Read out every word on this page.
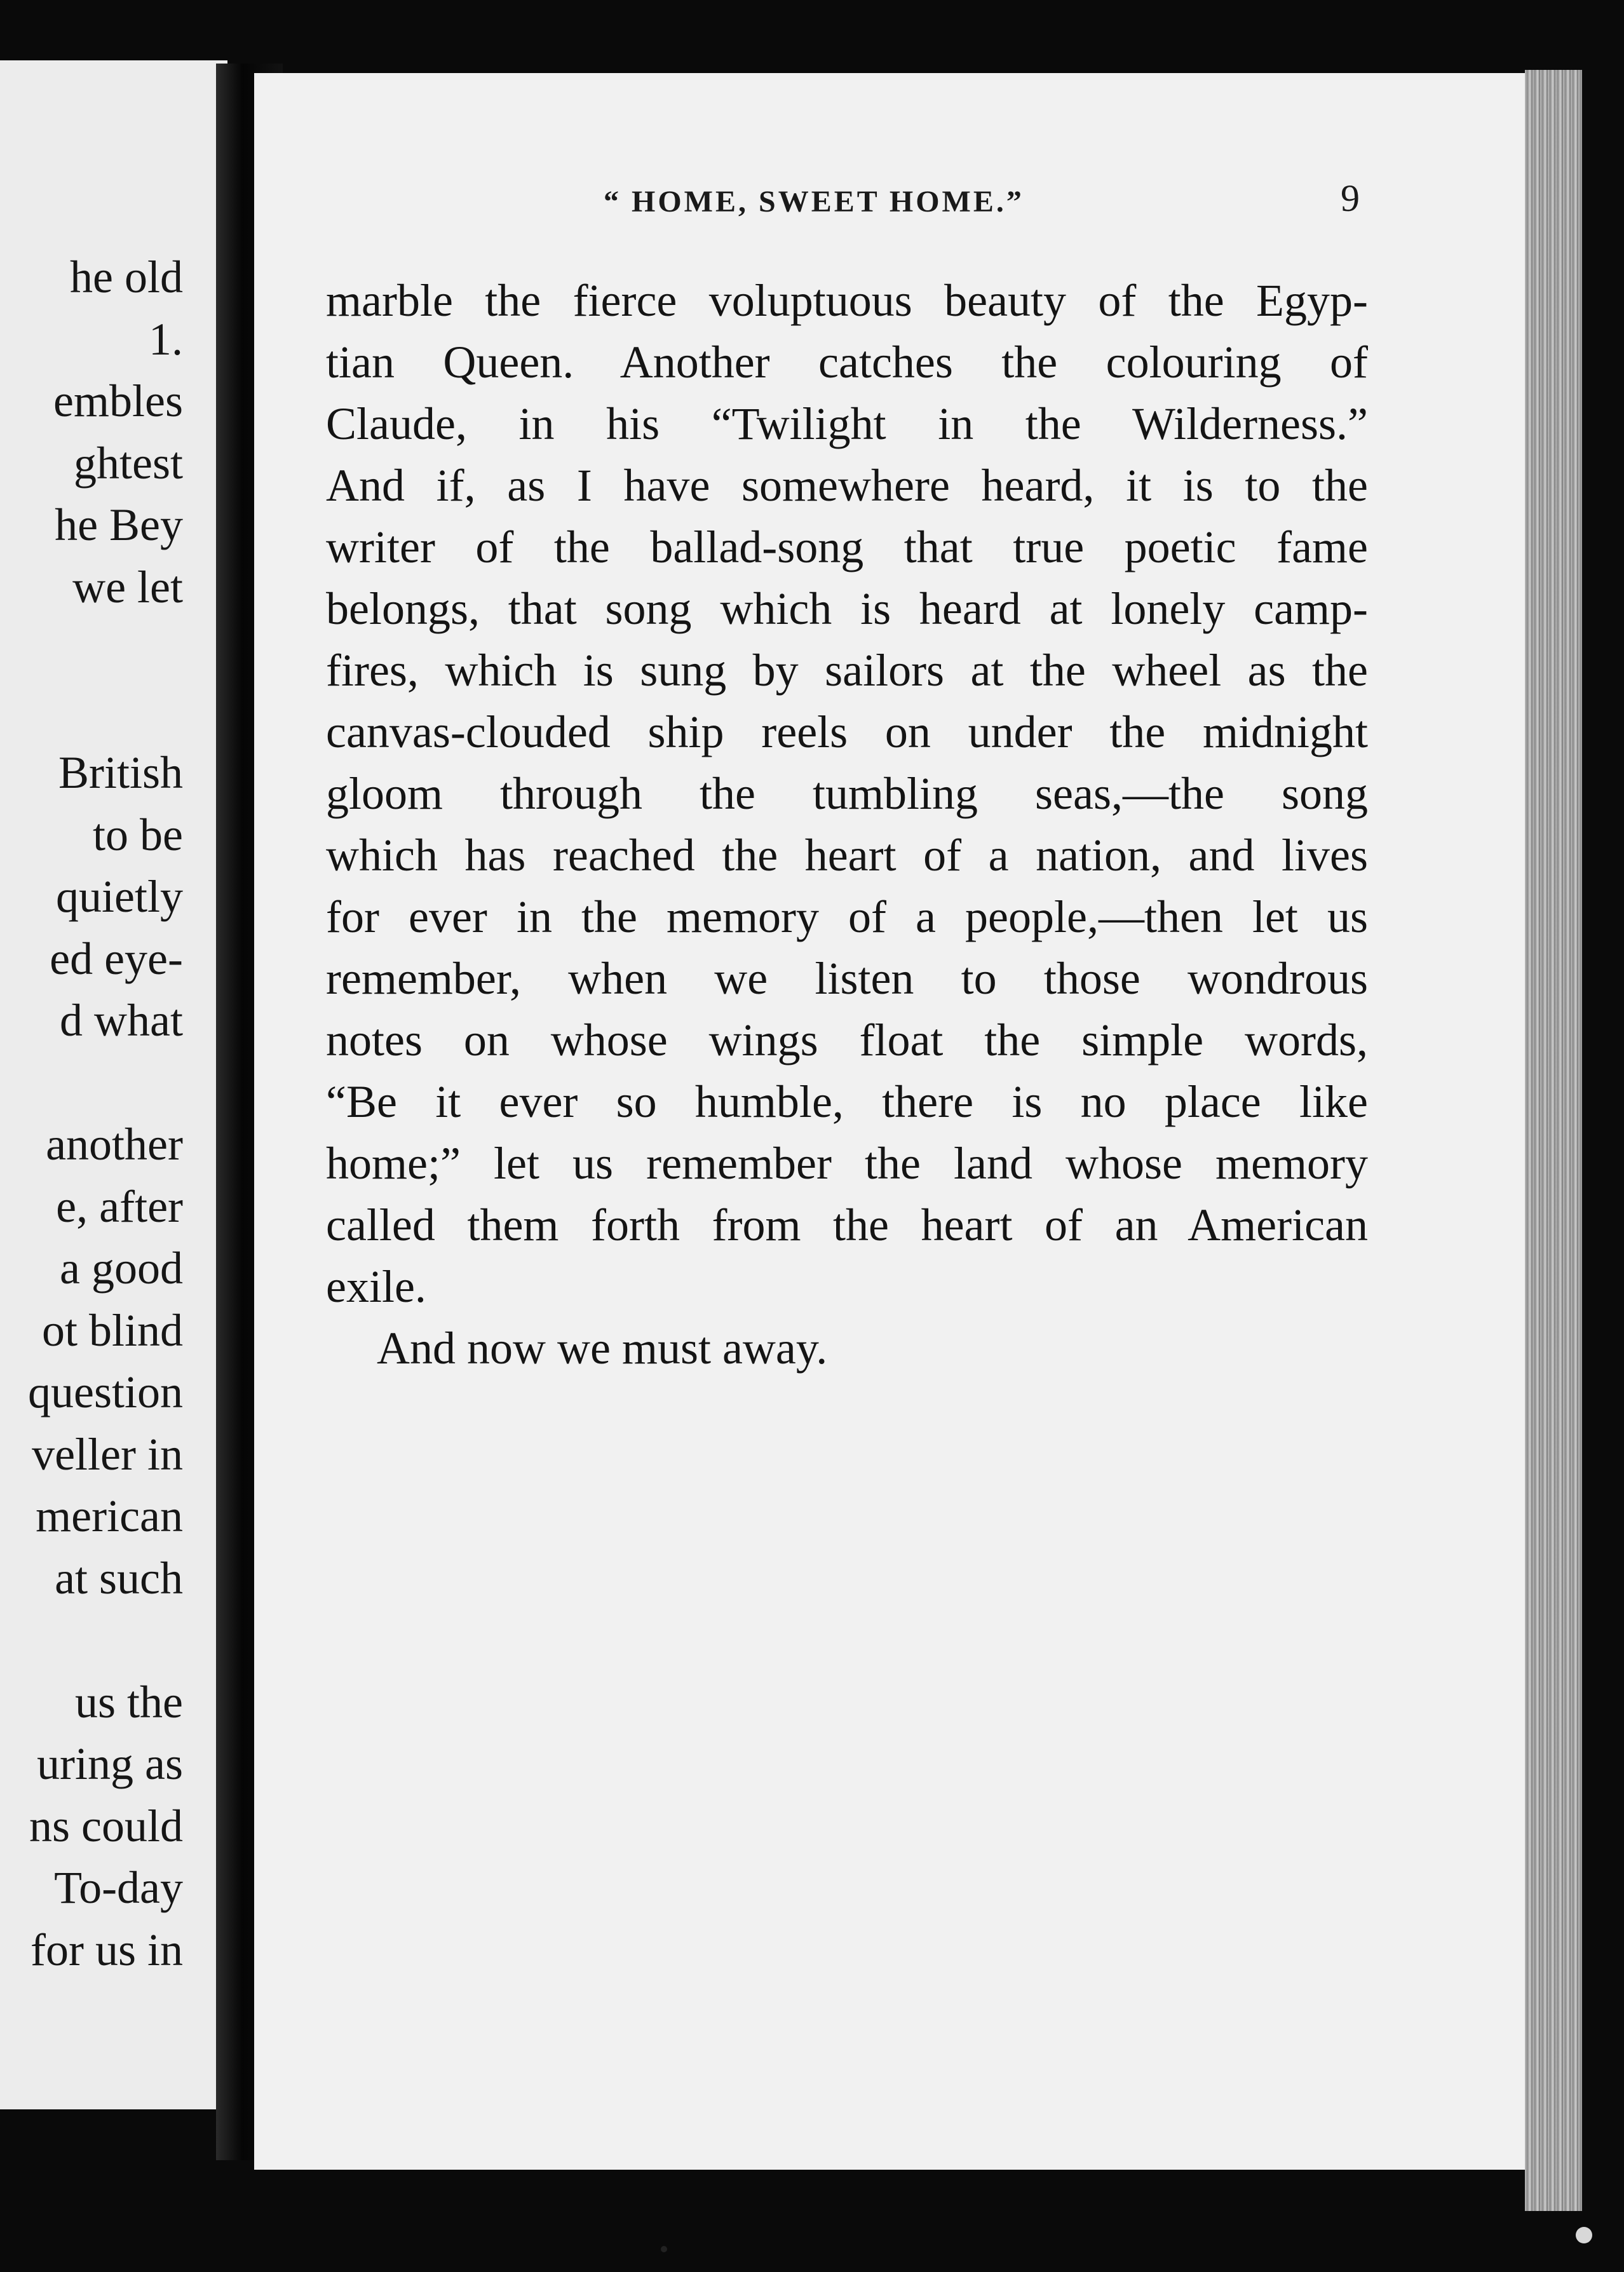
he old
1.
embles
ghtest
he Bey
we let
British
to be
quietly
ed eye-
d what
another
e, after
a good
ot blind
question
veller in
merican
at such
us the
uring as
ns could
To-day
for us in
“ HOME, SWEET HOME.”	9
marble the fierce voluptuous beauty of the Egyp-
tian Queen. Another catches the colouring of
Claude, in his “Twilight in the Wilderness.”
And if, as I have somewhere heard, it is to the
writer of the ballad-song that true poetic fame
belongs, that song which is heard at lonely camp-
fires, which is sung by sailors at the wheel as the
canvas-clouded ship reels on under the midnight
gloom through the tumbling seas,—the song
which has reached the heart of a nation, and lives
for ever in the memory of a people,—then let us
remember, when we listen to those wondrous
notes on whose wings float the simple words,
“Be it ever so humble, there is no place like
home;” let us remember the land whose memory
called them forth from the heart of an American
exile.
And now we must away.
